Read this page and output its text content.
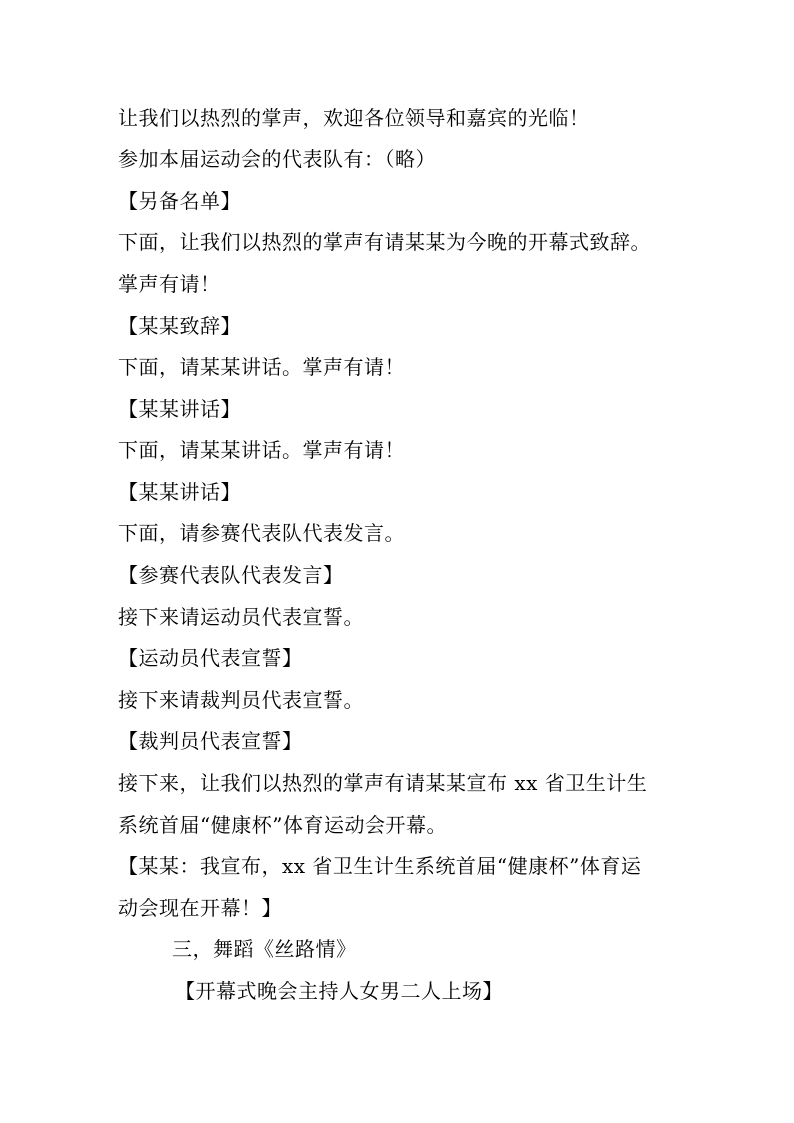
让我们以热烈的掌声，欢迎各位领导和嘉宾的光临！
参加本届运动会的代表队有：（略）
【另备名单】
下面，让我们以热烈的掌声有请某某为今晚的开幕式致辞。
掌声有请！
【某某致辞】
下面，请某某讲话。掌声有请！
【某某讲话】
下面，请某某讲话。掌声有请！
【某某讲话】
下面，请参赛代表队代表发言。
【参赛代表队代表发言】
接下来请运动员代表宣誓。
【运动员代表宣誓】
接下来请裁判员代表宣誓。
【裁判员代表宣誓】
接下来，让我们以热烈的掌声有请某某宣布 xx 省卫生计生
系统首届“健康杯”体育运动会开幕。
【某某：我宣布，xx 省卫生计生系统首届“健康杯”体育运
动会现在开幕！】
三，舞蹈《丝路情》
【开幕式晚会主持人女男二人上场】
